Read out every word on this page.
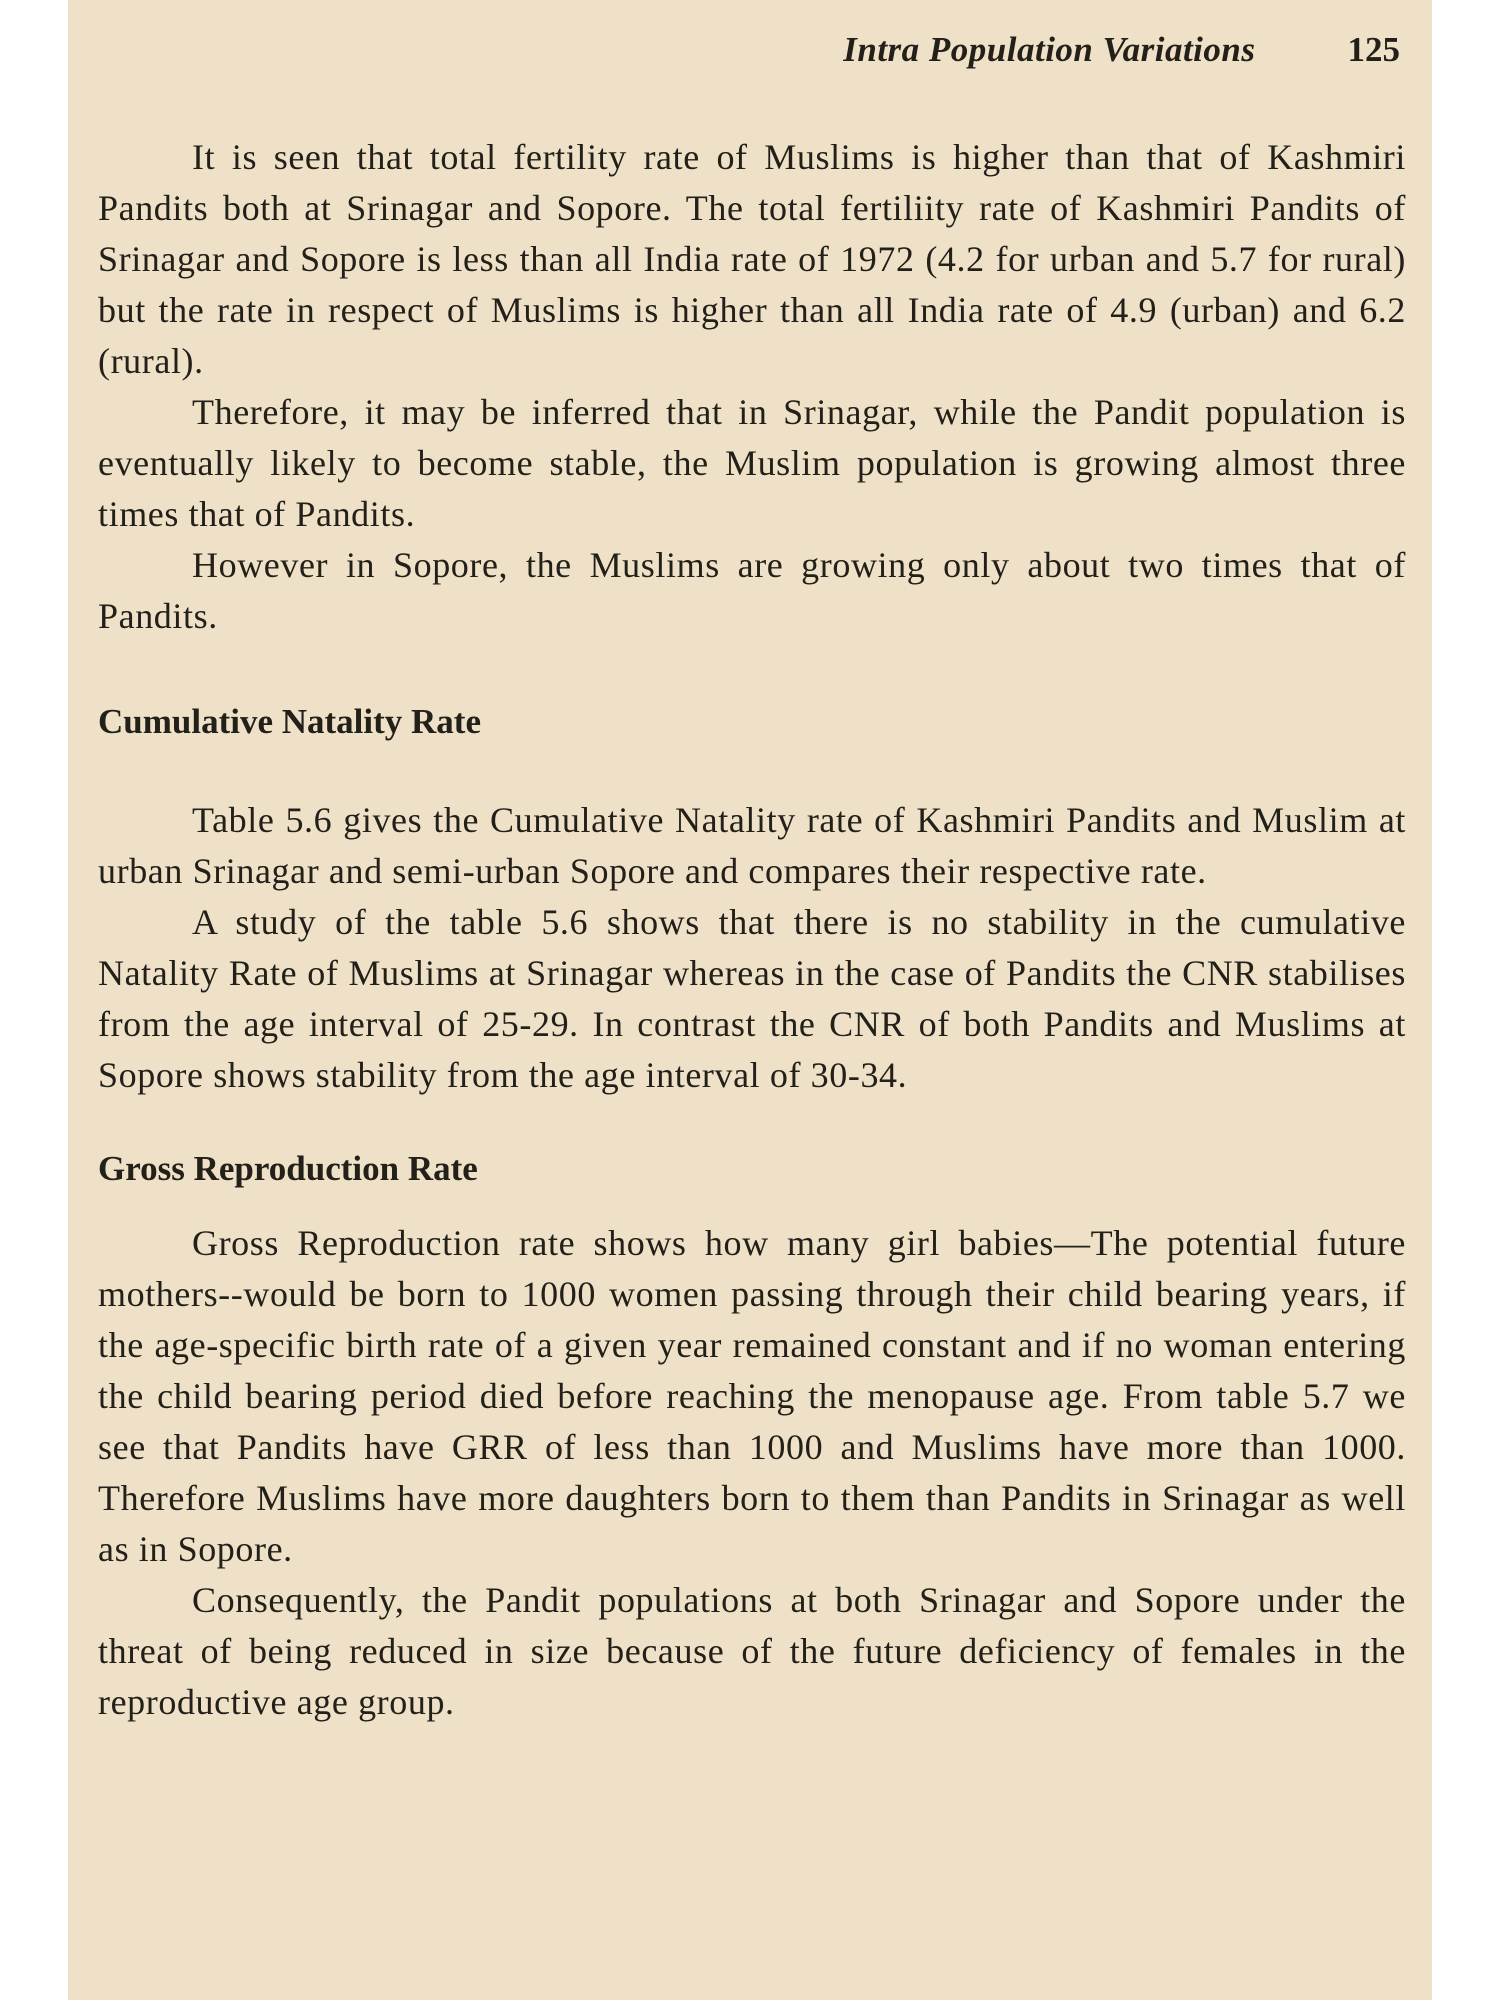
Intra Population Variations	125

It is seen that total fertility rate of Muslims is higher than that of Kashmiri Pandits both at Srinagar and Sopore. The total fertiliity rate of Kashmiri Pandits of Srinagar and Sopore is less than all India rate of 1972 (4.2 for urban and 5.7 for rural) but the rate in respect of Muslims is higher than all India rate of 4.9 (urban) and 6.2 (rural).

Therefore, it may be inferred that in Srinagar, while the Pandit population is eventually likely to become stable, the Muslim population is growing almost three times that of Pandits.

However in Sopore, the Muslims are growing only about two times that of Pandits.

Cumulative Natality Rate

Table 5.6 gives the Cumulative Natality rate of Kashmiri Pandits and Muslim at urban Srinagar and semi-urban Sopore and compares their respective rate.

A study of the table 5.6 shows that there is no stability in the cumulative Natality Rate of Muslims at Srinagar whereas in the case of Pandits the CNR stabilises from the age interval of 25-29. In contrast the CNR of both Pandits and Muslims at Sopore shows stability from the age interval of 30-34.

Gross Reproduction Rate

Gross Reproduction rate shows how many girl babies—The potential future mothers--would be born to 1000 women passing through their child bearing years, if the age-specific birth rate of a given year remained constant and if no woman entering the child bearing period died before reaching the menopause age. From table 5.7 we see that Pandits have GRR of less than 1000 and Muslims have more than 1000. Therefore Muslims have more daughters born to them than Pandits in Srinagar as well as in Sopore.

Consequently, the Pandit populations at both Srinagar and Sopore under the threat of being reduced in size because of the future deficiency of females in the reproductive age group.
